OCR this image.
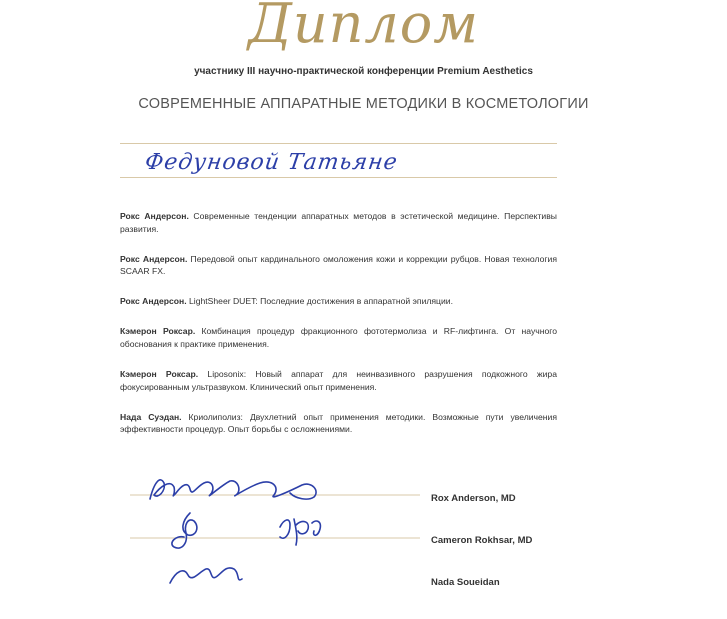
Диплом
участнику III научно-практической конференции Premium Aesthetics
СОВРЕМЕННЫЕ АППАРАТНЫЕ МЕТОДИКИ В КОСМЕТОЛОГИИ
Федуновой Татьяне

Рокс Андерсон. Современные тенденции аппаратных методов в эстетической медицине. Перспективы развития.

Рокс Андерсон. Передовой опыт кардинального омоложения кожи и коррекции рубцов. Новая технология SCAAR FX.

Рокс Андерсон. LightSheer DUET: Последние достижения в аппаратной эпиляции.

Кэмерон Роксар. Комбинация процедур фракционного фототермолиза и RF-лифтинга. От научного обоснования к практике применения.

Кэмерон Роксар. Liposonix: Новый аппарат для неинвазивного разрушения подкожного жира фокусированным ультразвуком. Клинический опыт применения.

Нада Суэдан. Криолиполиз: Двухлетний опыт применения методики. Возможные пути увеличения эффективности процедур. Опыт борьбы с осложнениями.

Rox Anderson, MD
Cameron Rokhsar, MD
Nada Soueidan
